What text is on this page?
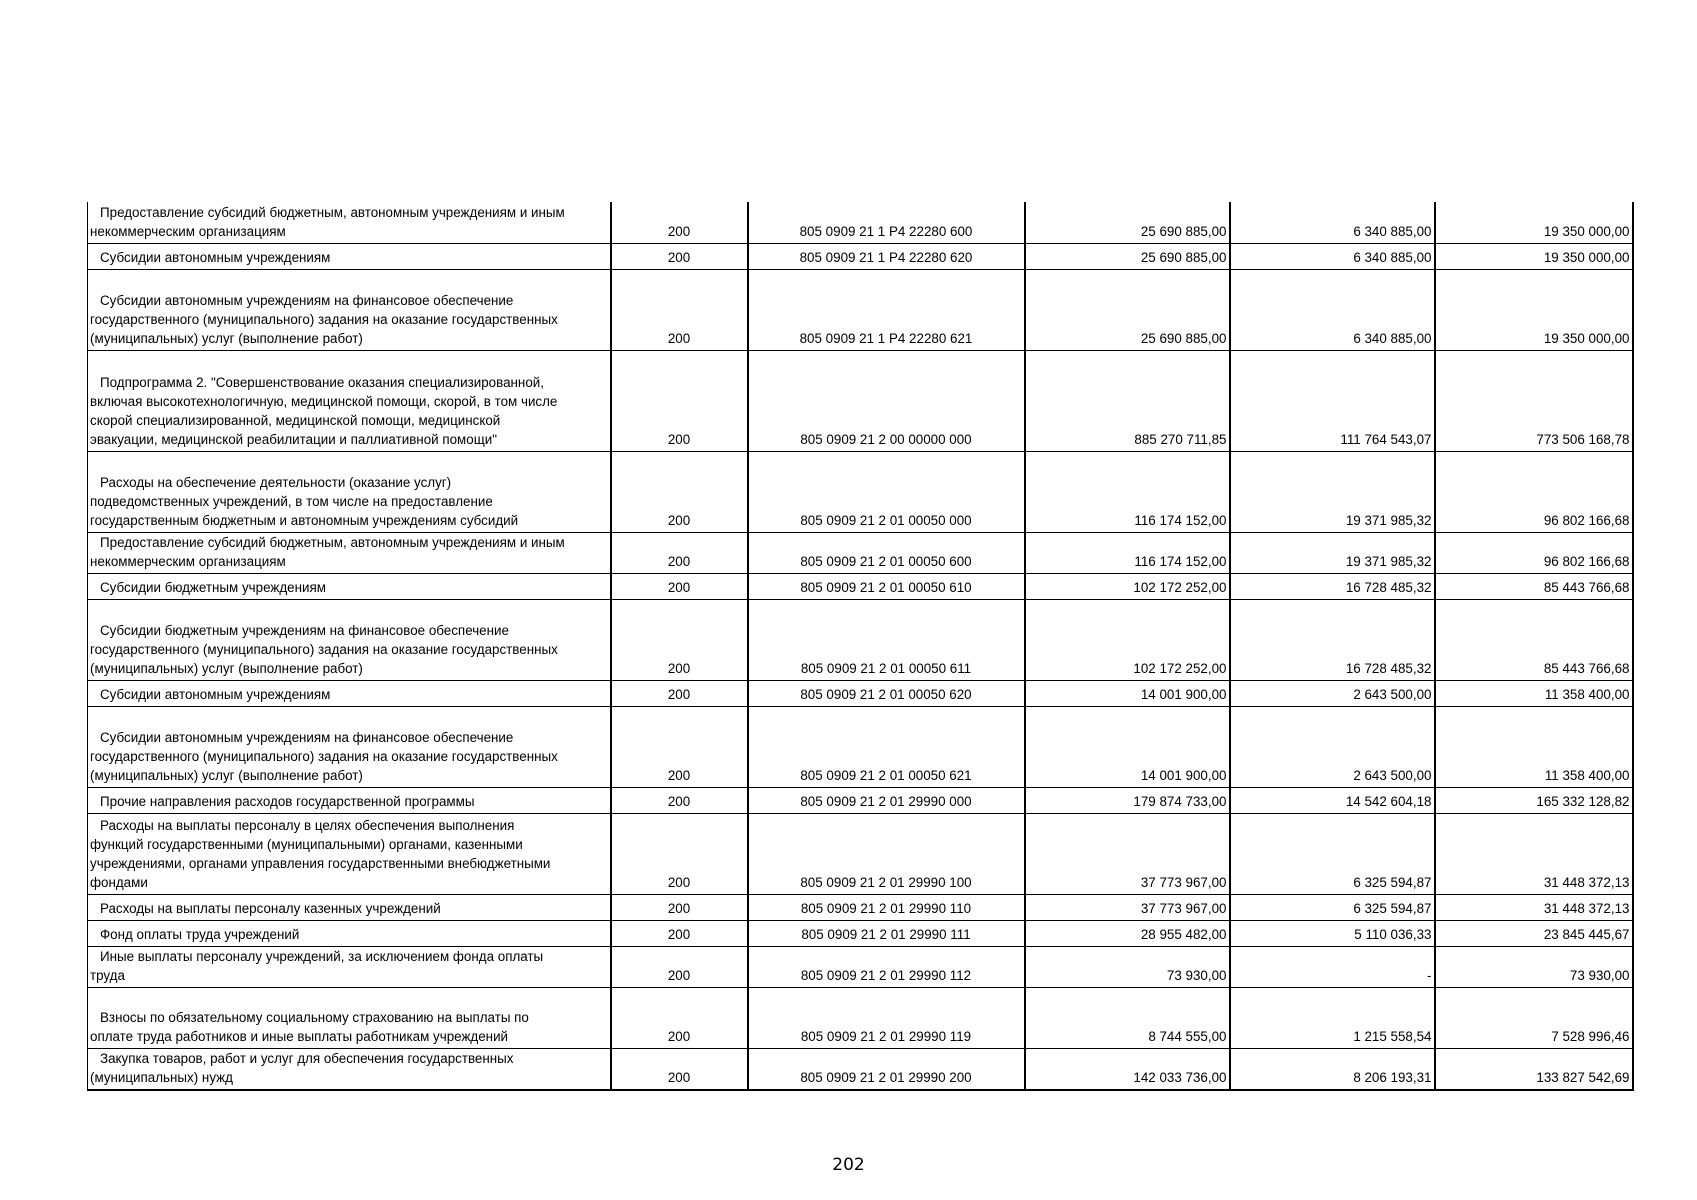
Предоставление субсидий бюджетным, автономным учреждениям и иным
некоммерческим организациям	200	805 0909 21 1 P4 22280 600	25 690 885,00	6 340 885,00	19 350 000,00

Субсидии автономным учреждениям	200	805 0909 21 1 P4 22280 620	25 690 885,00	6 340 885,00	19 350 000,00

Субсидии автономным учреждениям на финансовое обеспечение
государственного (муниципального) задания на оказание государственных
(муниципальных) услуг (выполнение работ)	200	805 0909 21 1 P4 22280 621	25 690 885,00	6 340 885,00	19 350 000,00

Подпрограмма 2. "Совершенствование оказания специализированной,
включая высокотехнологичную, медицинской помощи, скорой, в том числе
скорой специализированной, медицинской помощи, медицинской
эвакуации, медицинской реабилитации и паллиативной помощи"	200	805 0909 21 2 00 00000 000	885 270 711,85	111 764 543,07	773 506 168,78

Расходы на обеспечение деятельности (оказание услуг)
подведомственных учреждений, в том числе на предоставление
государственным бюджетным и автономным учреждениям субсидий	200	805 0909 21 2 01 00050 000	116 174 152,00	19 371 985,32	96 802 166,68

Предоставление субсидий бюджетным, автономным учреждениям и иным
некоммерческим организациям	200	805 0909 21 2 01 00050 600	116 174 152,00	19 371 985,32	96 802 166,68

Субсидии бюджетным учреждениям	200	805 0909 21 2 01 00050 610	102 172 252,00	16 728 485,32	85 443 766,68

Субсидии бюджетным учреждениям на финансовое обеспечение
государственного (муниципального) задания на оказание государственных
(муниципальных) услуг (выполнение работ)	200	805 0909 21 2 01 00050 611	102 172 252,00	16 728 485,32	85 443 766,68

Субсидии автономным учреждениям	200	805 0909 21 2 01 00050 620	14 001 900,00	2 643 500,00	11 358 400,00

Субсидии автономным учреждениям на финансовое обеспечение
государственного (муниципального) задания на оказание государственных
(муниципальных) услуг (выполнение работ)	200	805 0909 21 2 01 00050 621	14 001 900,00	2 643 500,00	11 358 400,00

Прочие направления расходов государственной программы	200	805 0909 21 2 01 29990 000	179 874 733,00	14 542 604,18	165 332 128,82

Расходы на выплаты персоналу в целях обеспечения выполнения
функций государственными (муниципальными) органами, казенными
учреждениями, органами управления государственными внебюджетными
фондами	200	805 0909 21 2 01 29990 100	37 773 967,00	6 325 594,87	31 448 372,13

Расходы на выплаты персоналу казенных учреждений	200	805 0909 21 2 01 29990 110	37 773 967,00	6 325 594,87	31 448 372,13

Фонд оплаты труда учреждений	200	805 0909 21 2 01 29990 111	28 955 482,00	5 110 036,33	23 845 445,67

Иные выплаты персоналу учреждений, за исключением фонда оплаты
труда	200	805 0909 21 2 01 29990 112	73 930,00	-	73 930,00

Взносы по обязательному социальному страхованию на выплаты по
оплате труда работников и иные выплаты работникам учреждений	200	805 0909 21 2 01 29990 119	8 744 555,00	1 215 558,54	7 528 996,46

Закупка товаров, работ и услуг для обеспечения государственных
(муниципальных) нужд	200	805 0909 21 2 01 29990 200	142 033 736,00	8 206 193,31	133 827 542,69
202
